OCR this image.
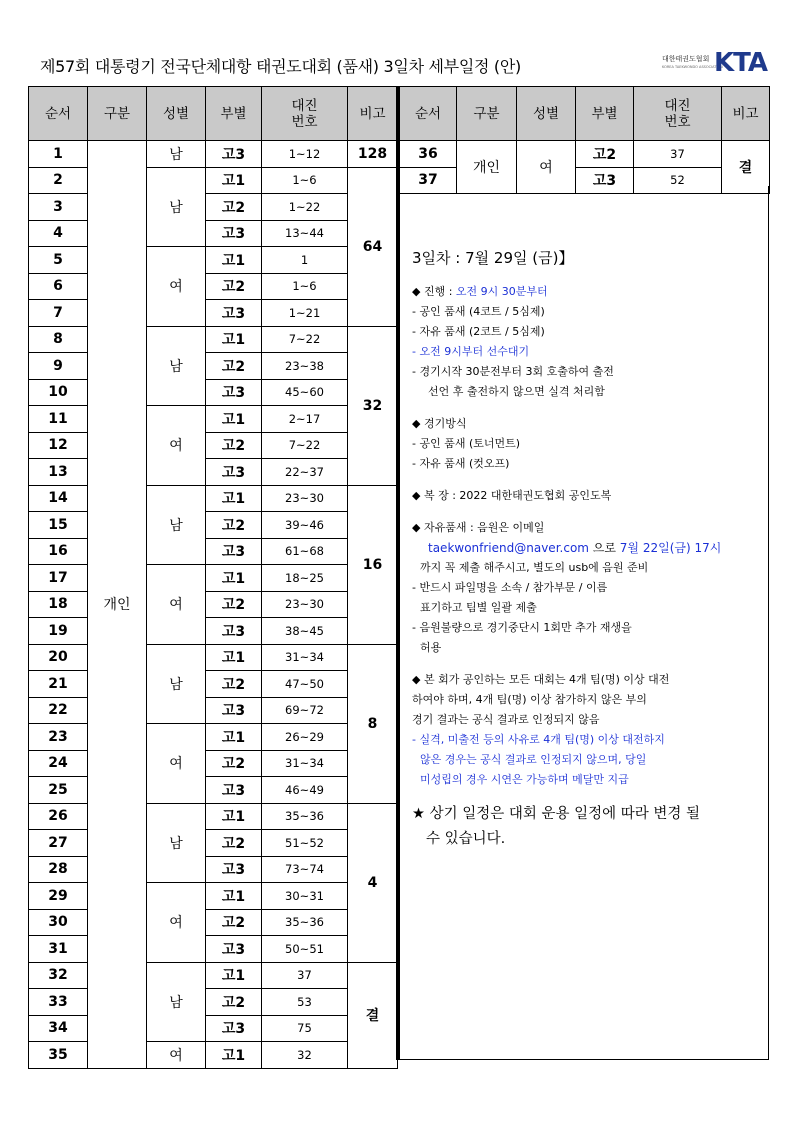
제57회 대통령기 전국단체대항 태권도대회 (품새) 3일차 세부일정 (안)	대한태권도협회
KOREA TAEKWONDO ASSOCIATION
KTA
순서	구분	성별	부별	대진
번호	비고
1	개인	남	고3	1~12	128
2		남	고1	1~6	64
3			고2	1~22	
4			고3	13~44	
5		여	고1	1	
6			고2	1~6	
7			고3	1~21	
8		남	고1	7~22	32
9			고2	23~38	
10			고3	45~60	
11		여	고1	2~17	
12			고2	7~22	
13			고3	22~37	
14		남	고1	23~30	16
15			고2	39~46	
16			고3	61~68	
17		여	고1	18~25	
18			고2	23~30	
19			고3	38~45	
20		남	고1	31~34	8
21			고2	47~50	
22			고3	69~72	
23		여	고1	26~29	
24			고2	31~34	
25			고3	46~49	
26		남	고1	35~36	4
27			고2	51~52	
28			고3	73~74	
29		여	고1	30~31	
30			고2	35~36	
31			고3	50~51	
32		남	고1	37	결
33			고2	53	
34			고3	75	
35		여	고1	32	
순서	구분	성별	부별	대진
번호	비고
36	개인	여	고2	37	결
37			고3	52	
3일차 : 7월 29일 (금)】
◆ 진행 : 오전 9시 30분부터
- 공인 품새 (4코트 / 5심제)
- 자유 품새 (2코트 / 5심제)
- 오전 9시부터 선수대기
- 경기시작 30분전부터 3회 호출하여 출전
선언 후 출전하지 않으면 실격 처리함
◆ 경기방식
- 공인 품새 (토너먼트)
- 자유 품새 (컷오프)
◆ 복 장 : 2022 대한태권도협회 공인도복
◆ 자유품새 : 음원은 이메일
taekwonfriend@naver.com 으로 7월 22일(금) 17시
까지 꼭 제출 해주시고, 별도의 usb에 음원 준비
- 반드시 파일명을 소속 / 참가부문 / 이름
표기하고 팀별 일괄 제출
- 음원불량으로 경기중단시 1회만 추가 재생을
허용
◆ 본 회가 공인하는 모든 대회는 4개 팀(명) 이상 대전
하여야 하며, 4개 팀(명) 이상 참가하지 않은 부의
경기 결과는 공식 결과로 인정되지 않음
- 실격, 미출전 등의 사유로 4개 팀(명) 이상 대전하지
않은 경우는 공식 결과로 인정되지 않으며, 당일
미성립의 경우 시연은 가능하며 메달만 지급
★ 상기 일정은 대회 운용 일정에 따라 변경 될
수 있습니다.
